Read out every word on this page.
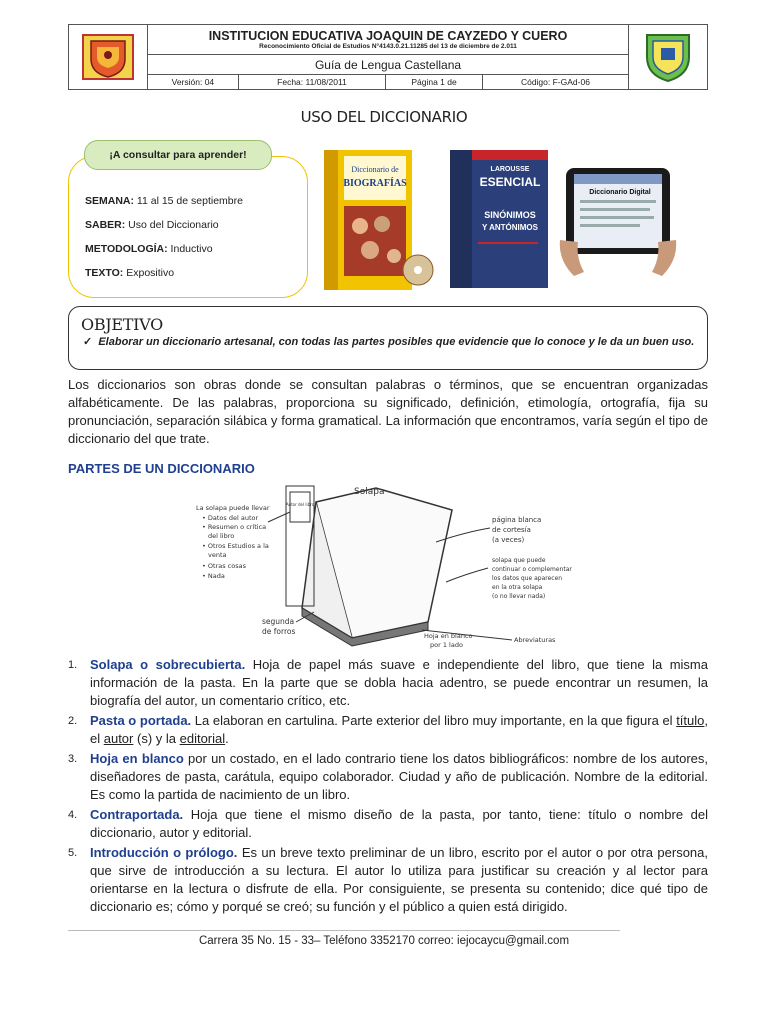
INSTITUCION EDUCATIVA JOAQUIN DE CAYZEDO Y CUERO
Reconocimiento Oficial de Estudios N°4143.0.21.11285 del 13 de diciembre de 2.011

	Guía de Lengua Castellana				
	Versión: 04	Fecha: 11/08/2011	Página 1 de	Código: F-GAd-06	
USO DEL DICCIONARIO
SEMANA: 11 al 15 de septiembre
SABER: Uso del Diccionario
METODOLOGÍA: Inductivo
TEXTO: Expositivo
¡A consultar para aprender!
Diccionario de
BIOGRAFÍAS
LAROUSSE
ESENCIAL
SINÓNIMOS
Y ANTÓNIMOS
Diccionario Digital
OBJETIVO
✓  Elaborar un diccionario artesanal, con todas las partes posibles que evidencie que lo conoce y le da un buen uso.
Los diccionarios son obras donde se consultan palabras o términos, que se encuentran organizadas alfabéticamente. De las palabras, proporciona su significado, definición, etimología, ortografía, fija su pronunciación, separación silábica y forma gramatical. La información que encontramos, varía según el tipo de diccionario del que trate.
PARTES DE UN DICCIONARIO
Autor del libro
Solapa
La solapa puede llevar
• Datos del autor
• Resumen o crítica
del libro
• Otros Estudios a la
venta
• Otras cosas
• Nada
página blanca
de cortesía
(a veces)
solapa que puede
continuar o complementar
los datos que aparecen
en la otra solapa
(o no llevar nada)
segunda
de forros	Hoja en blanco
por 1 lado
Abreviaturas
1. Solapa o sobrecubierta. Hoja de papel más suave e independiente del libro, que tiene la misma información de la pasta. En la parte que se dobla hacia adentro, se puede encontrar un resumen, la biografía del autor, un comentario crítico, etc.
2. Pasta o portada. La elaboran en cartulina. Parte exterior del libro muy importante, en la que figura el título, el autor (s) y la editorial.
3. Hoja en blanco por un costado, en el lado contrario tiene los datos bibliográficos: nombre de los autores, diseñadores de pasta, carátula, equipo colaborador. Ciudad y año de publicación. Nombre de la editorial. Es como la partida de nacimiento de un libro.
4. Contraportada. Hoja que tiene el mismo diseño de la pasta, por tanto, tiene: título o nombre del diccionario, autor y editorial.
5. Introducción o prólogo. Es un breve texto preliminar de un libro, escrito por el autor o por otra persona, que sirve de introducción a su lectura. El autor lo utiliza para justificar su creación y al lector para orientarse en la lectura o disfrute de ella. Por consiguiente, se presenta su contenido; dice qué tipo de diccionario es; cómo y porqué se creó; su función y el público a quien está dirigido.
Carrera 35 No. 15 - 33– Teléfono 3352170 correo: iejocaycu@gmail.com
